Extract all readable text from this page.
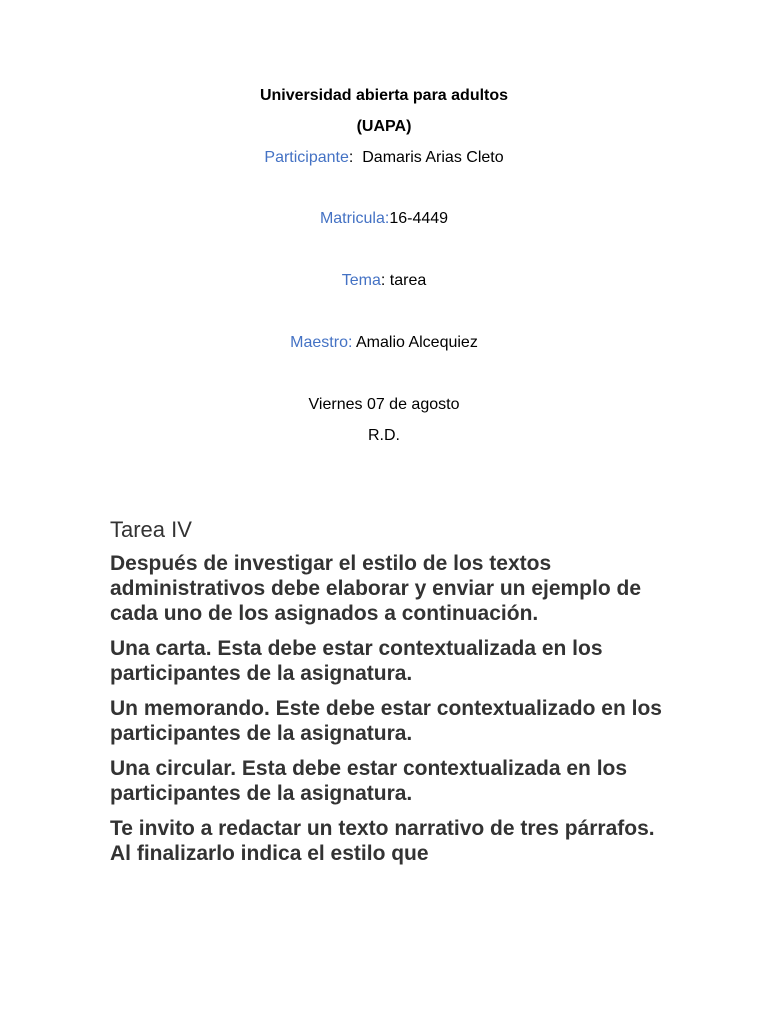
Universidad abierta para adultos
(UAPA)
Participante:  Damaris Arias Cleto
Matricula:16-4449
Tema: tarea
Maestro: Amalio Alcequiez
Viernes 07 de agosto
R.D.
Tarea IV

Después de investigar el estilo de los textos administrativos debe elaborar y enviar un ejemplo de cada uno de los asignados a continuación.

Una carta. Esta debe estar contextualizada en los participantes de la asignatura.

Un memorando. Este debe estar contextualizado en los participantes de la asignatura.

Una circular. Esta debe estar contextualizada en los participantes de la asignatura.

Te invito a redactar un texto narrativo de tres párrafos. Al finalizarlo indica el estilo que
